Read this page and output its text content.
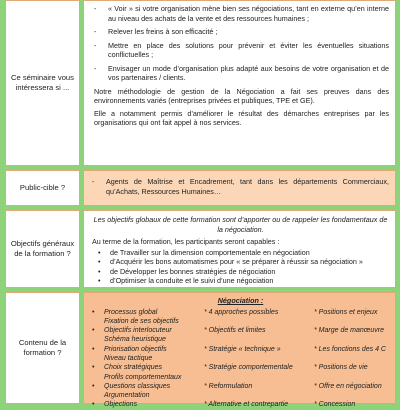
Ce séminaire vous intéressera si ...
- « Voir » si votre organisation mène bien ses négociations, tant en externe qu’en interne au niveau des achats de la vente et des ressources humaines ;
- Relever les freins à son efficacité ;
- Mettre en place des solutions pour prévenir et éviter les éventuelles situations conflictuelles ;
- Envisager un mode d’organisation plus adapté aux besoins de votre organisation et de vos partenaires / clients.
Notre méthodologie de gestion de la Négociation a fait ses preuves dans des environnements variés (entreprises privées et publiques, TPE et GE).
Elle a notamment permis d’améliorer le résultat des démarches entreprises par les organisations qui ont fait appel à nos services.
Public-cible ?
- Agents de Maîtrise et Encadrement, tant dans les départements Commerciaux, qu’Achats, Ressources Humaines…
Objectifs généraux de la formation ?
Les objectifs globaux de cette formation sont d’apporter ou de rappeler les fondamentaux de la négociation.
Au terme de la formation, les participants seront capables :
• de Travailler sur la dimension comportementale en négociation
• d’Acquérir les bons automatismes pour « se préparer à réussir sa négociation »
• de Développer les bonnes stratégies de négociation
• d’Optimiser la conduite et le suivi d’une négociation
Contenu de la formation ?
Négociation :
• Processus global
Fixation de ses objectifs
• Objectifs interlocuteur
Schéma heuristique
• Priorisation objectifs
Niveau tactique
• Choix stratégiques
Profils comportementaux
• Questions classiques
Argumentation
• Objections
* 4 approches possibles

* Objectifs et limites

* Stratégie « technique »

* Stratégie comportementale

* Reformulation

* Alternative et contrepartie
* Positions et enjeux

* Marge de manœuvre

* Les fonctions des 4 C

* Positions de vie

* Offre en négociation

* Concession
